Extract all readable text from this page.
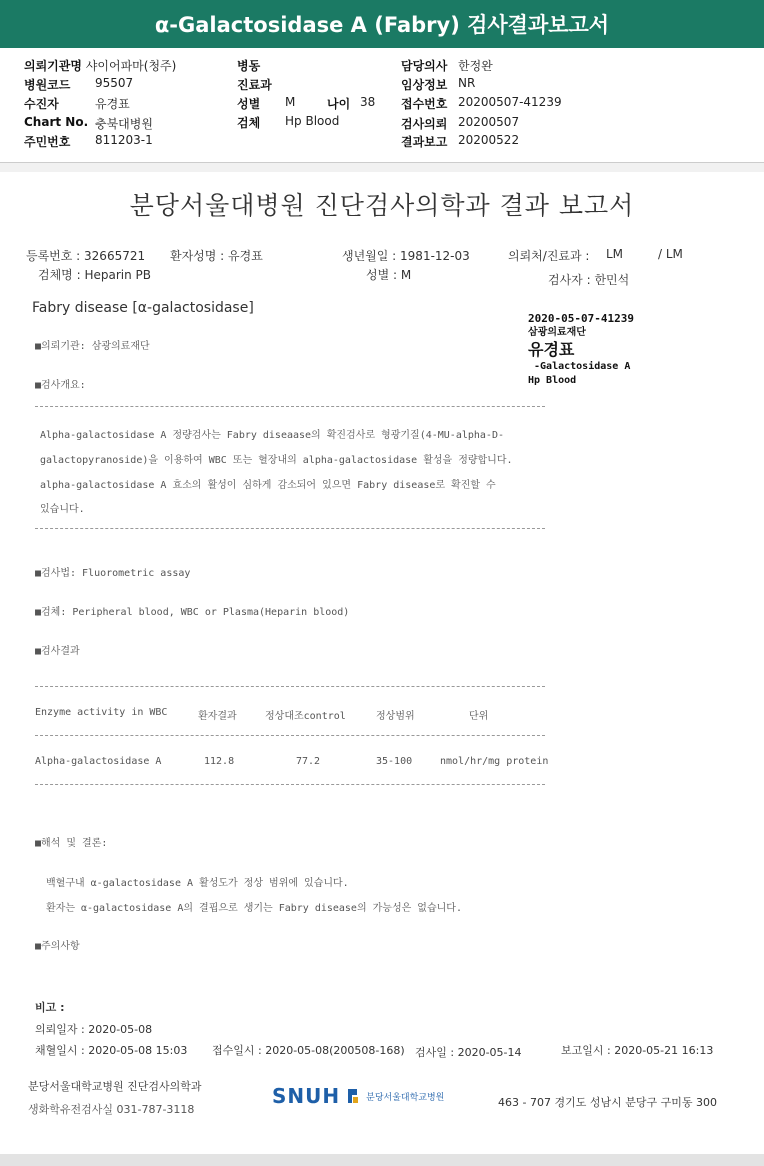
α-Galactosidase A (Fabry) 검사결과보고서
의뢰기관명 샤이어파마(청주)
병원코드 95507
수진자	유경표
Chart No. 충북대병원
주민번호 811203-1
병동
진료과
성별 M	나이 38
검체 Hp Blood
담당의사 한정완
임상정보 NR
접수번호 20200507-41239
검사의뢰 20200507
결과보고 20200522
분당서울대병원 진단검사의학과 결과 보고서
등록번호 : 32665721 환자성명 : 유경표	생년월일 : 1981-12-03	의뢰처/진료과 : LM	/ LM
검체명 : Heparin PB	성별 : M	검사자 : 한민석
Fabry disease [α-galactosidase]
2020-05-07-41239
삼광의료재단
유경표
-Galactosidase A
Hp Blood
■의뢰기관: 삼광의료재단
■검사개요:
Alpha-galactosidase A 정량검사는 Fabry diseaase의 확진검사로 형광기질(4-MU-alpha-D-
galactopyranoside)을 이용하여 WBC 또는 혈장내의 alpha-galactosidase 활성을 정량합니다.
alpha-galactosidase A 효소의 활성이 심하게 감소되어 있으면 Fabry disease로 확진할 수
있습니다.
■검사법: Fluorometric assay
■검체: Peripheral blood, WBC or Plasma(Heparin blood)
■검사결과
Enzyme activity in WBC	환자결과	정상대조control	정상범위	단위
Alpha-galactosidase A	112.8	77.2	35-100	nmol/hr/mg protein
■해석 및 결론:
백혈구내 α-galactosidase A 활성도가 정상 범위에 있습니다.
환자는 α-galactosidase A의 결핍으로 생기는 Fabry disease의 가능성은 없습니다.
■주의사항
비고 :
의뢰일자 : 2020-05-08
채혈일시 : 2020-05-08 15:03 접수일시 : 2020-05-08(200508-168) 검사일 : 2020-05-14	보고일시 : 2020-05-21 16:13
분당서울대학교병원 진단검사의학과
생화학유전검사실 031-787-3118
SNUH	분당서울대학교병원	463 - 707 경기도 성남시 분당구 구미동 300
